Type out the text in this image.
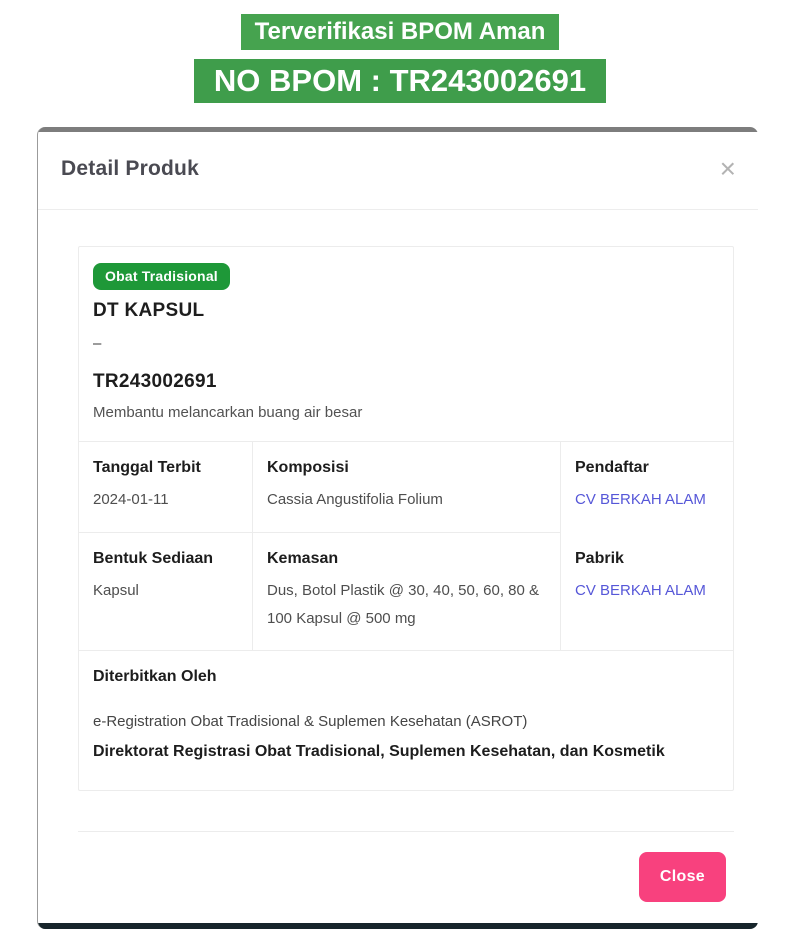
Terverifikasi BPOM Aman
NO BPOM : TR243002691
Detail Produk	×
Obat Tradisional
DT KAPSUL
–
TR243002691
Membantu melancarkan buang air besar
Tanggal Terbit
2024-01-11
Komposisi
Cassia Angustifolia Folium
Pendaftar
CV BERKAH ALAM
Bentuk Sediaan
Kapsul
Kemasan
Dus, Botol Plastik @ 30, 40, 50, 60, 80 & 100 Kapsul @ 500 mg
Pabrik
CV BERKAH ALAM
Diterbitkan Oleh
e-Registration Obat Tradisional & Suplemen Kesehatan (ASROT)
Direktorat Registrasi Obat Tradisional, Suplemen Kesehatan, dan Kosmetik
Close
